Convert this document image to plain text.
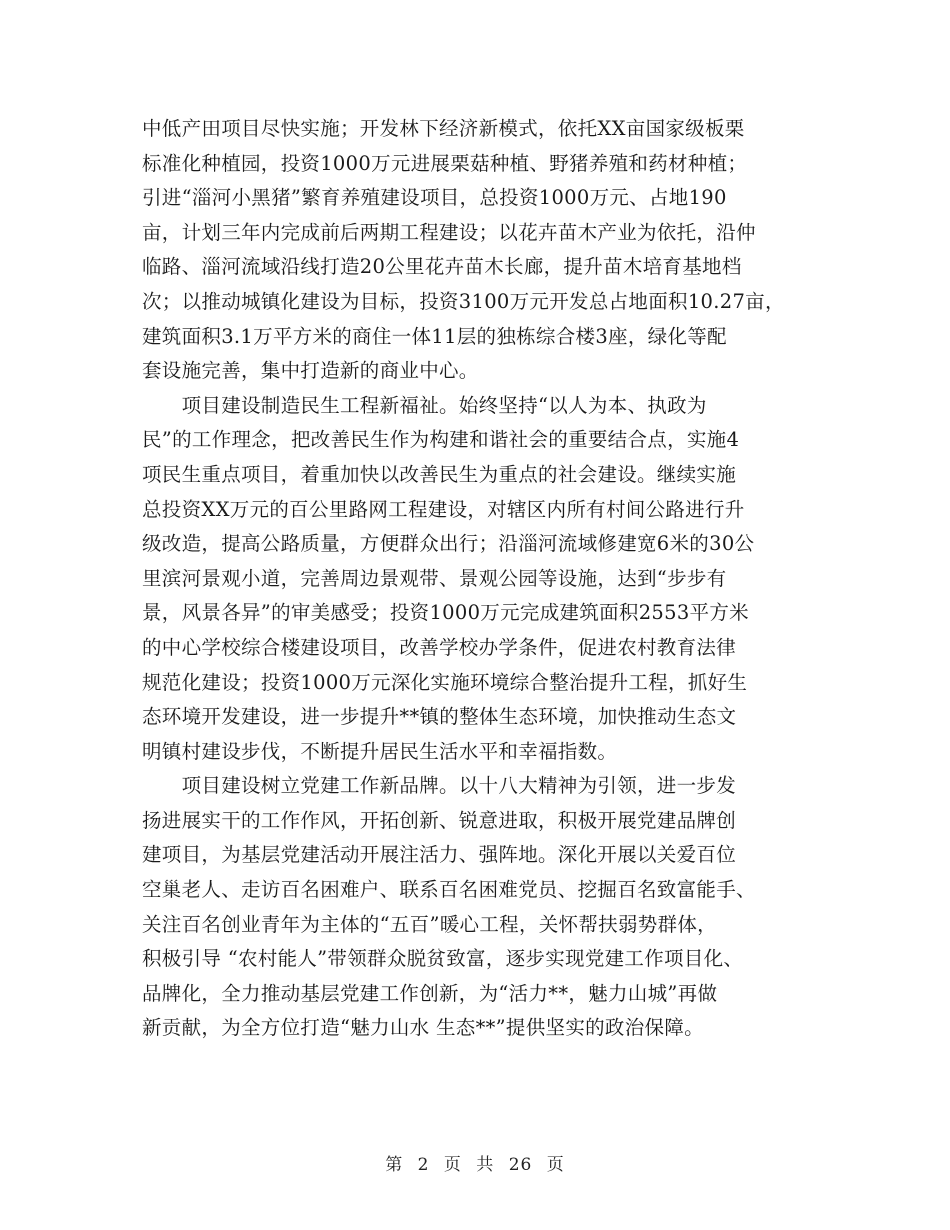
中低产田项目尽快实施；开发林下经济新模式，依托XX亩国家级板栗
标准化种植园，投资1000万元进展栗菇种植、野猪养殖和药材种植；
引进“淄河小黑猪”繁育养殖建设项目，总投资1000万元、占地190
亩，计划三年内完成前后两期工程建设；以花卉苗木产业为依托，沿仲
临路、淄河流域沿线打造20公里花卉苗木长廊，提升苗木培育基地档
次；以推动城镇化建设为目标，投资3100万元开发总占地面积10.27亩，
建筑面积3.1万平方米的商住一体11层的独栋综合楼3座，绿化等配
套设施完善，集中打造新的商业中心。
　　项目建设制造民生工程新福祉。始终坚持“以人为本、执政为
民”的工作理念，把改善民生作为构建和谐社会的重要结合点，实施4
项民生重点项目，着重加快以改善民生为重点的社会建设。继续实施
总投资XX万元的百公里路网工程建设，对辖区内所有村间公路进行升
级改造，提高公路质量，方便群众出行；沿淄河流域修建宽6米的30公
里滨河景观小道，完善周边景观带、景观公园等设施，达到“步步有
景，风景各异”的审美感受；投资1000万元完成建筑面积2553平方米
的中心学校综合楼建设项目，改善学校办学条件，促进农村教育法律
规范化建设；投资1000万元深化实施环境综合整治提升工程，抓好生
态环境开发建设，进一步提升**镇的整体生态环境，加快推动生态文
明镇村建设步伐，不断提升居民生活水平和幸福指数。
　　项目建设树立党建工作新品牌。以十八大精神为引领，进一步发
扬进展实干的工作作风，开拓创新、锐意进取，积极开展党建品牌创
建项目，为基层党建活动开展注活力、强阵地。深化开展以关爱百位
空巢老人、走访百名困难户、联系百名困难党员、挖掘百名致富能手、
关注百名创业青年为主体的“五百”暖心工程，关怀帮扶弱势群体，
积极引导 “农村能人”带领群众脱贫致富，逐步实现党建工作项目化、
品牌化，全力推动基层党建工作创新，为“活力**，魅力山城”再做
新贡献，为全方位打造“魅力山水 生态**”提供坚实的政治保障。
第 2 页 共 26 页
